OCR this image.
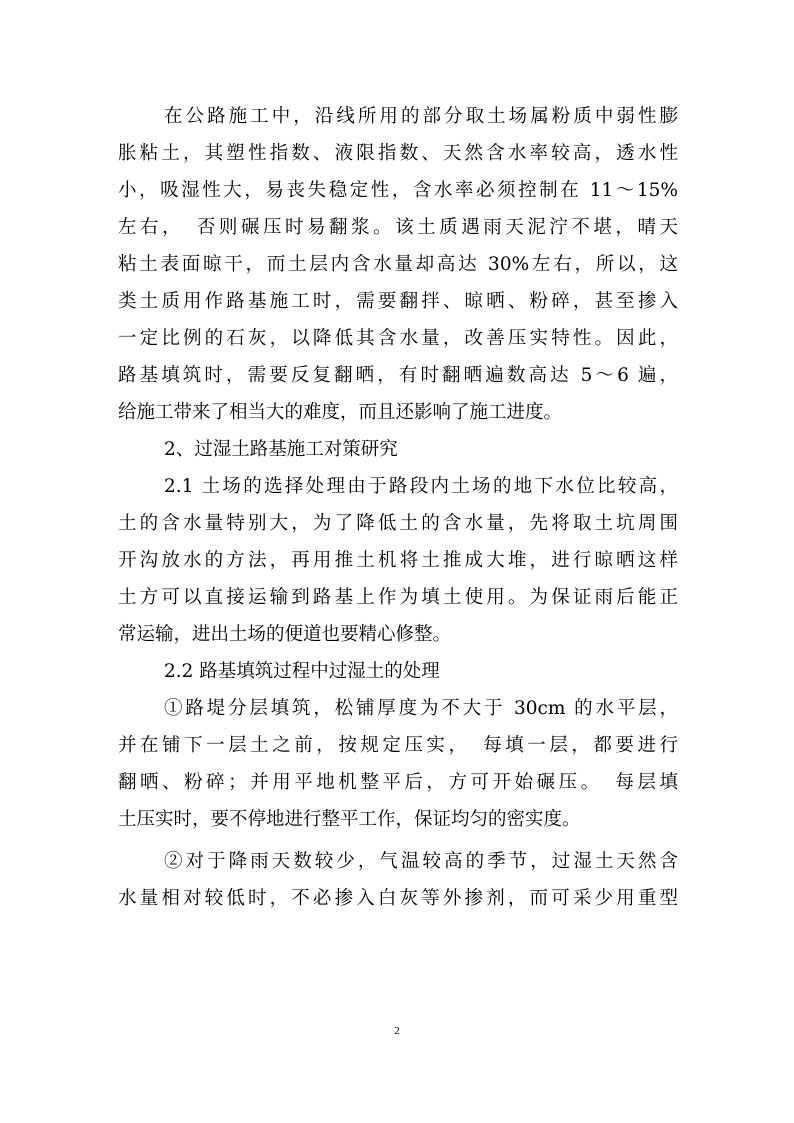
在公路施工中，沿线所用的部分取土场属粉质中弱性膨
胀粘土，其塑性指数、液限指数、天然含水率较高，透水性
小，吸湿性大，易丧失稳定性，含水率必须控制在 11～15%
左右，　否则碾压时易翻浆。该土质遇雨天泥泞不堪，晴天
粘土表面晾干，而土层内含水量却高达 30%左右，所以，这
类土质用作路基施工时，需要翻拌、晾晒、粉碎，甚至掺入
一定比例的石灰，以降低其含水量，改善压实特性。因此，
路基填筑时，需要反复翻晒，有时翻晒遍数高达 5～6 遍，
给施工带来了相当大的难度，而且还影响了施工进度。
2、过湿土路基施工对策研究
2.1 土场的选择处理由于路段内土场的地下水位比较高，
土的含水量特别大，为了降低土的含水量，先将取土坑周围
开沟放水的方法，再用推土机将土推成大堆，进行晾晒这样
土方可以直接运输到路基上作为填土使用。为保证雨后能正
常运输，进出土场的便道也要精心修整。
2.2 路基填筑过程中过湿土的处理
①路堤分层填筑，松铺厚度为不大于 30cm 的水平层，
并在铺下一层土之前，按规定压实，　每填一层，都要进行
翻晒、粉碎；并用平地机整平后，方可开始碾压。　每层填
土压实时，要不停地进行整平工作，保证均匀的密实度。
②对于降雨天数较少，气温较高的季节，过湿土天然含
水量相对较低时，不必掺入白灰等外掺剂，而可采少用重型
2
